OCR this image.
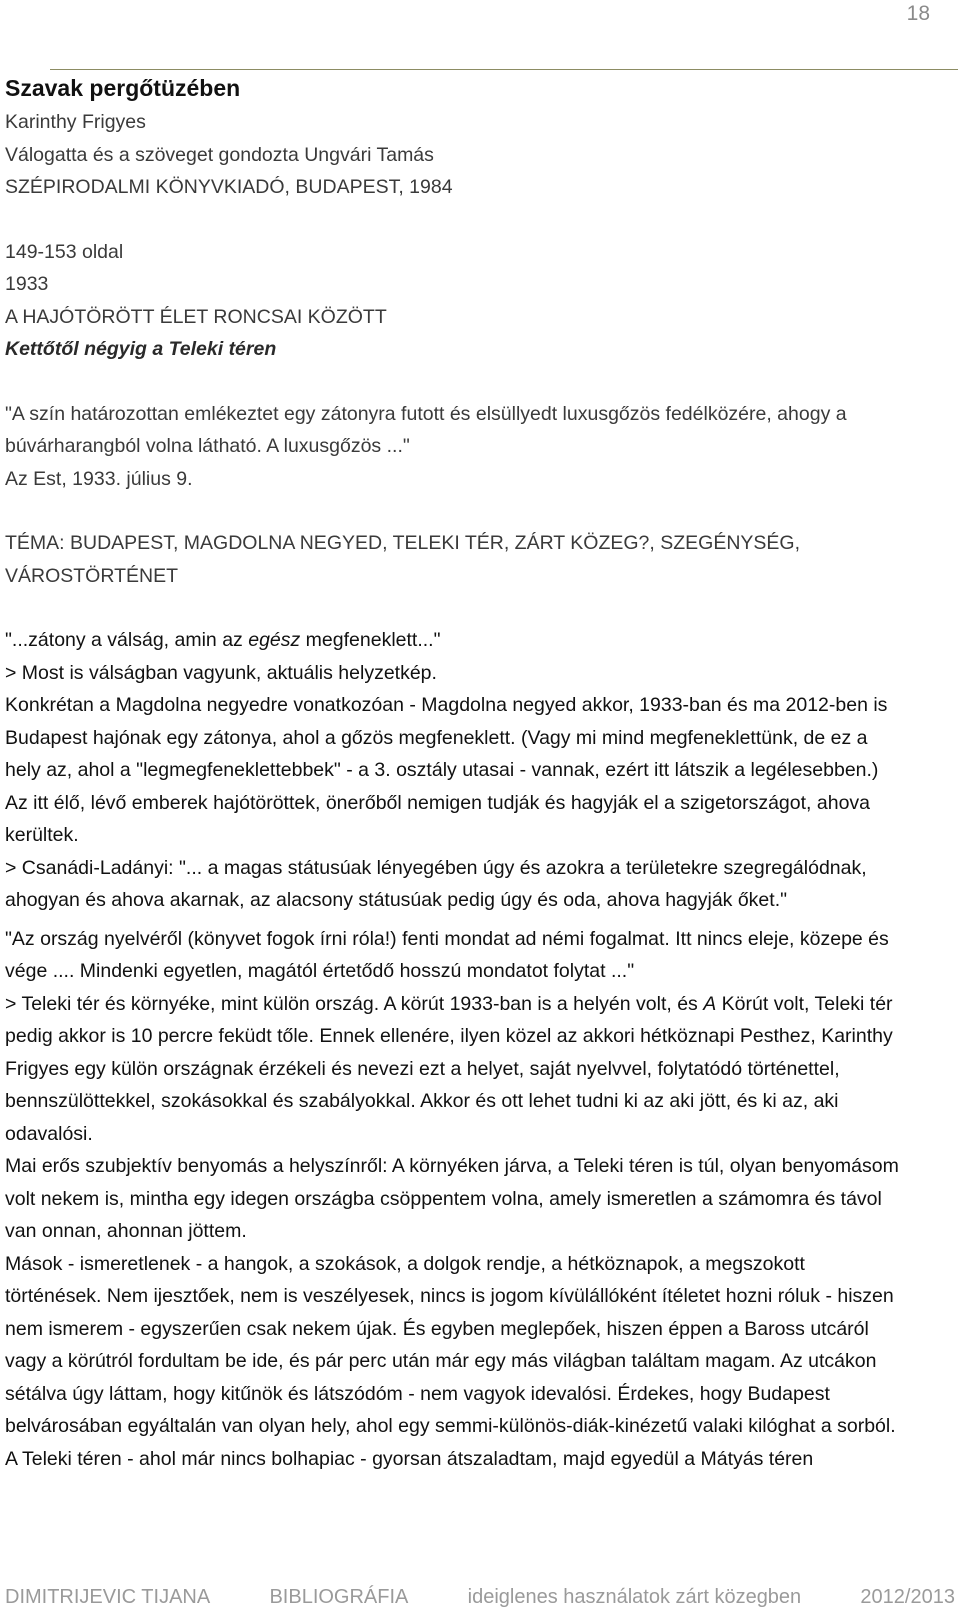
18
Szavak pergőtüzében
Karinthy Frigyes
Válogatta és a szöveget gondozta Ungvári Tamás
SZÉPIRODALMI KÖNYVKIADÓ, BUDAPEST, 1984
149-153 oldal
1933
A HAJÓTÖRÖTT ÉLET RONCSAI KÖZÖTT
Kettőtől négyig a Teleki téren
"A szín határozottan emlékeztet egy zátonyra futott és elsüllyedt luxusgőzös fedélközére, ahogy a
búvárharangból volna látható. A luxusgőzös ..."
Az Est, 1933. július 9.
TÉMA: BUDAPEST, MAGDOLNA NEGYED, TELEKI TÉR, ZÁRT KÖZEG?, SZEGÉNYSÉG,
VÁROSTÖRTÉNET
"...zátony a válság, amin az egész megfeneklett..."
> Most is válságban vagyunk, aktuális helyzetkép.
Konkrétan a Magdolna negyedre vonatkozóan - Magdolna negyed akkor, 1933-ban és ma 2012-ben is
Budapest hajónak egy zátonya, ahol a gőzös megfeneklett. (Vagy mi mind megfeneklettünk, de ez a
hely az, ahol a "legmegfeneklettebbek" - a 3. osztály utasai - vannak, ezért itt látszik a legélesebben.)
Az itt élő, lévő emberek hajótöröttek, önerőből nemigen tudják és hagyják el a szigetországot, ahova
kerültek.
> Csanádi-Ladányi: "... a magas státusúak lényegében úgy és azokra a területekre szegregálódnak,
ahogyan és ahova akarnak, az alacsony státusúak pedig úgy és oda, ahova hagyják őket."
"Az ország nyelvéről (könyvet fogok írni róla!) fenti mondat ad némi fogalmat. Itt nincs eleje, közepe és
vége .... Mindenki egyetlen, magától értetődő hosszú mondatot folytat ..."
> Teleki tér és környéke, mint külön ország. A körút 1933-ban is a helyén volt, és A Körút volt, Teleki tér
pedig akkor is 10 percre feküdt tőle. Ennek ellenére, ilyen közel az akkori hétköznapi Pesthez, Karinthy
Frigyes egy külön országnak érzékeli és nevezi ezt a helyet, saját nyelvvel, folytatódó történettel,
bennszülöttekkel, szokásokkal és szabályokkal. Akkor és ott lehet tudni ki az aki jött, és ki az, aki
odavalósi.
Mai erős szubjektív benyomás a helyszínről: A környéken járva, a Teleki téren is túl, olyan benyomásom
volt nekem is, mintha egy idegen országba csöppentem volna, amely ismeretlen a számomra és távol
van onnan, ahonnan jöttem.
Mások - ismeretlenek - a hangok, a szokások, a dolgok rendje, a hétköznapok, a megszokott
történések. Nem ijesztőek, nem is veszélyesek, nincs is jogom kívülállóként ítéletet hozni róluk - hiszen
nem ismerem - egyszerűen csak nekem újak. És egyben meglepőek, hiszen éppen a Baross utcáról
vagy a körútról fordultam be ide, és pár perc után már egy más világban találtam magam. Az utcákon
sétálva úgy láttam, hogy kitűnök és látszódóm - nem vagyok idevalósi. Érdekes, hogy Budapest
belvárosában egyáltalán van olyan hely, ahol egy semmi-különös-diák-kinézetű valaki kilóghat a sorból.
A Teleki téren - ahol már nincs bolhapiac - gyorsan átszaladtam, majd egyedül a Mátyás téren
DIMITRIJEVIC TIJANA	BIBLIOGRÁFIA	ideiglenes használatok zárt közegben	2012/2013
